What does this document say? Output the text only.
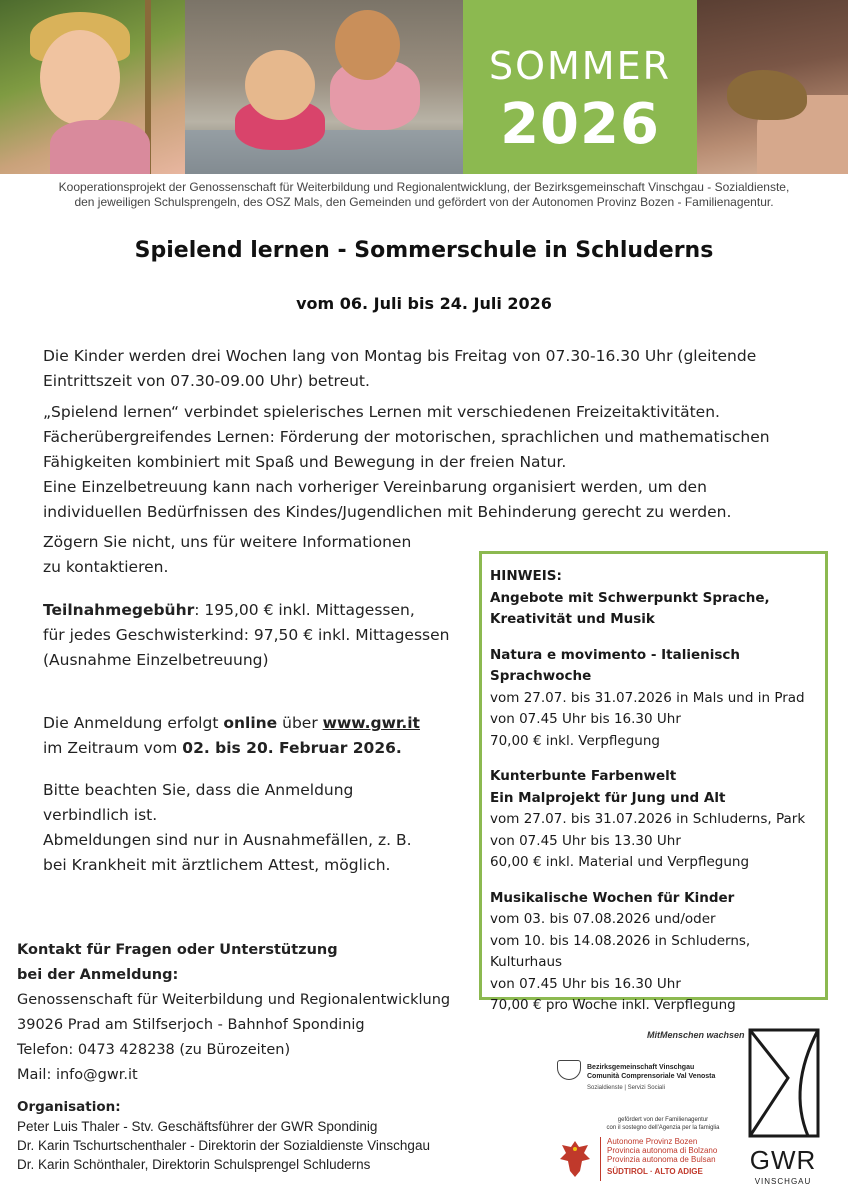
SOMMER
2026
Kooperationsprojekt der Genossenschaft für Weiterbildung und Regionalentwicklung, der Bezirksgemeinschaft Vinschgau - Sozialdienste,
den jeweiligen Schulsprengeln, des OSZ Mals, den Gemeinden und gefördert von der Autonomen Provinz Bozen - Familienagentur.
Spielend lernen - Sommerschule in Schluderns
vom 06. Juli bis 24. Juli 2026
Die Kinder werden drei Wochen lang von Montag bis Freitag von 07.30-16.30 Uhr (gleitende
Eintrittszeit von 07.30-09.00 Uhr) betreut.
„Spielend lernen“ verbindet spielerisches Lernen mit verschiedenen Freizeitaktivitäten.
Fächerübergreifendes Lernen: Förderung der motorischen, sprachlichen und mathematischen
Fähigkeiten kombiniert mit Spaß und Bewegung in der freien Natur.
Eine Einzelbetreuung kann nach vorheriger Vereinbarung organisiert werden, um den
individuellen Bedürfnissen des Kindes/Jugendlichen mit Behinderung gerecht zu werden.
Zögern Sie nicht, uns für weitere Informationen
zu kontaktieren.
Teilnahmegebühr: 195,00 € inkl. Mittagessen,
für jedes Geschwisterkind: 97,50 € inkl. Mittagessen
(Ausnahme Einzelbetreuung)
Die Anmeldung erfolgt online über www.gwr.it
im Zeitraum vom 02. bis 20. Februar 2026.
Bitte beachten Sie, dass die Anmeldung
verbindlich ist.
Abmeldungen sind nur in Ausnahmefällen, z. B.
bei Krankheit mit ärztlichem Attest, möglich.
HINWEIS:
Angebote mit Schwerpunkt Sprache,
Kreativität und Musik
Natura e movimento - Italienisch
Sprachwoche
vom 27.07. bis 31.07.2026 in Mals und in Prad
von 07.45 Uhr bis 16.30 Uhr
70,00 € inkl. Verpflegung
Kunterbunte Farbenwelt
Ein Malprojekt für Jung und Alt
vom 27.07. bis 31.07.2026 in Schluderns, Park
von 07.45 Uhr bis 13.30 Uhr
60,00 € inkl. Material und Verpflegung
Musikalische Wochen für Kinder
vom 03. bis 07.08.2026 und/oder
vom 10. bis 14.08.2026 in Schluderns, Kulturhaus
von 07.45 Uhr bis 16.30 Uhr
70,00 € pro Woche inkl. Verpflegung
Kontakt für Fragen oder Unterstützung
bei der Anmeldung:
Genossenschaft für Weiterbildung und Regionalentwicklung
39026 Prad am Stilfserjoch - Bahnhof Spondinig
Telefon: 0473 428238 (zu Bürozeiten)
Mail: info@gwr.it
Organisation:
Peter Luis Thaler - Stv. Geschäftsführer der GWR Spondinig
Dr. Karin Tschurtschenthaler - Direktorin der Sozialdienste Vinschgau
Dr. Karin Schönthaler, Direktorin Schulsprengel Schluderns
MitMenschen wachsen
Bezirksgemeinschaft Vinschgau
Comunità Comprensoriale Val Venosta
Sozialdienste | Servizi Sociali
gefördert von der Familienagentur
con il sostegno dell'Agenzia per la famiglia
Autonome Provinz Bozen
Provincia autonoma di Bolzano
Provinzia autonoma de Bulsan
SÜDTIROL · ALTO ADIGE	GWR
VINSCHGAU
